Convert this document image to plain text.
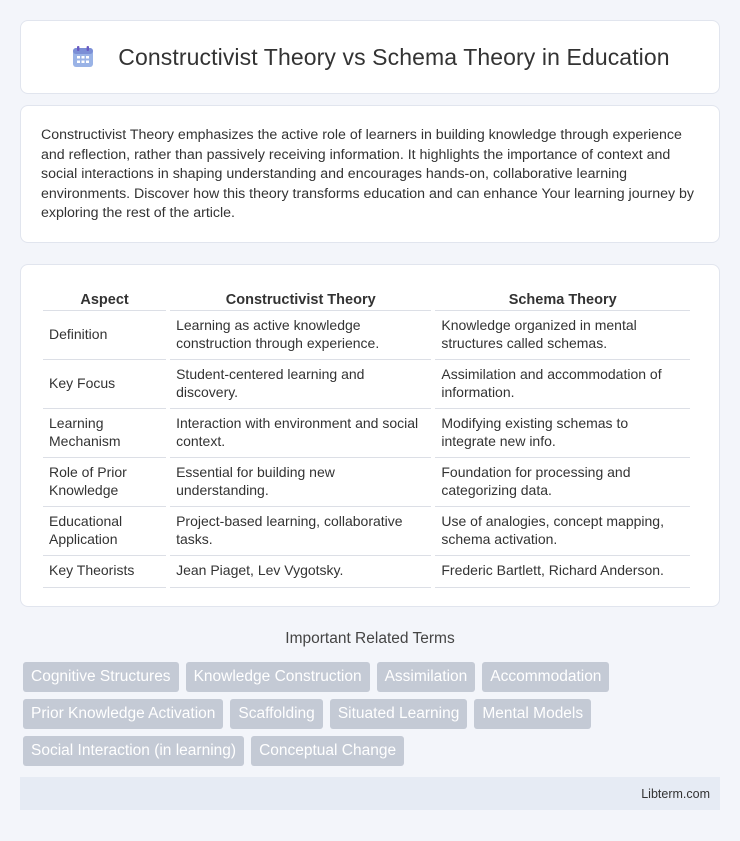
Constructivist Theory vs Schema Theory in Education

Constructivist Theory emphasizes the active role of learners in building knowledge through experience and reflection, rather than passively receiving information. It highlights the importance of context and social interactions in shaping understanding and encourages hands-on, collaborative learning environments. Discover how this theory transforms education and can enhance Your learning journey by exploring the rest of the article.

Aspect	Constructivist Theory	Schema Theory
Definition	Learning as active knowledge construction through experience.	Knowledge organized in mental structures called schemas.
Key Focus	Student-centered learning and discovery.	Assimilation and accommodation of information.
Learning Mechanism	Interaction with environment and social context.	Modifying existing schemas to integrate new info.
Role of Prior Knowledge	Essential for building new understanding.	Foundation for processing and categorizing data.
Educational Application	Project-based learning, collaborative tasks.	Use of analogies, concept mapping, schema activation.
Key Theorists	Jean Piaget, Lev Vygotsky.	Frederic Bartlett, Richard Anderson.
Important Related Terms
Cognitive Structures	Knowledge Construction	Assimilation	Accommodation
Prior Knowledge Activation	Scaffolding	Situated Learning	Mental Models
Social Interaction (in learning)	Conceptual Change
Libterm.com
